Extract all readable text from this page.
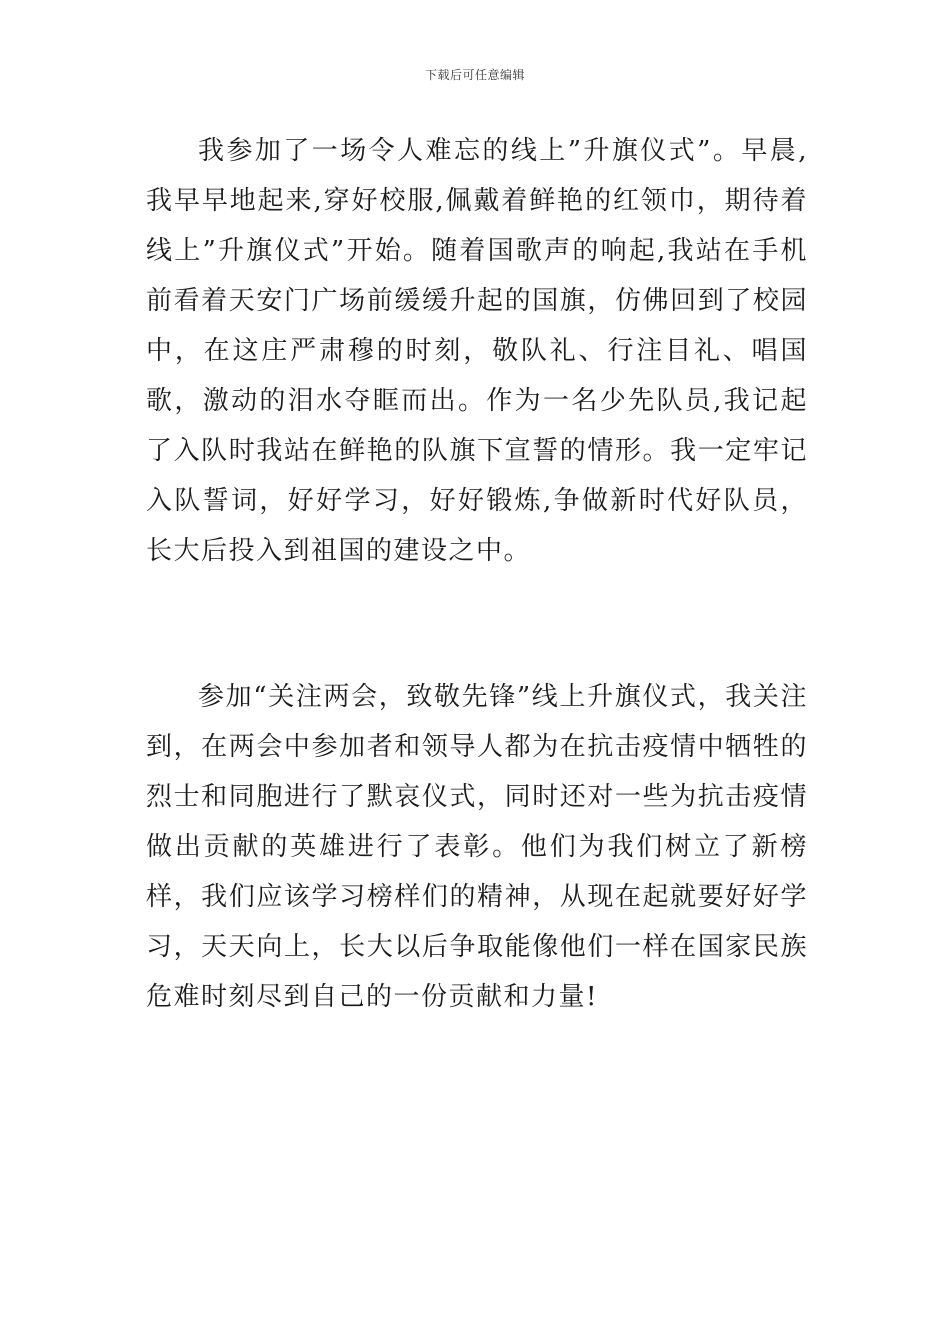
下载后可任意编辑

我参加了一场令人难忘的线上”升旗仪式”。早晨,我早早地起来,穿好校服,佩戴着鲜艳的红领巾，期待着线上”升旗仪式”开始。随着国歌声的响起,我站在手机前看着天安门广场前缓缓升起的国旗，仿佛回到了校园中，在这庄严肃穆的时刻，敬队礼、行注目礼、唱国歌，激动的泪水夺眶而出。作为一名少先队员,我记起了入队时我站在鲜艳的队旗下宣誓的情形。我一定牢记入队誓词，好好学习，好好锻炼,争做新时代好队员，长大后投入到祖国的建设之中。

参加“关注两会，致敬先锋”线上升旗仪式，我关注到，在两会中参加者和领导人都为在抗击疫情中牺牲的烈士和同胞进行了默哀仪式，同时还对一些为抗击疫情做出贡献的英雄进行了表彰。他们为我们树立了新榜样，我们应该学习榜样们的精神，从现在起就要好好学习，天天向上，长大以后争取能像他们一样在国家民族危难时刻尽到自己的一份贡献和力量!
